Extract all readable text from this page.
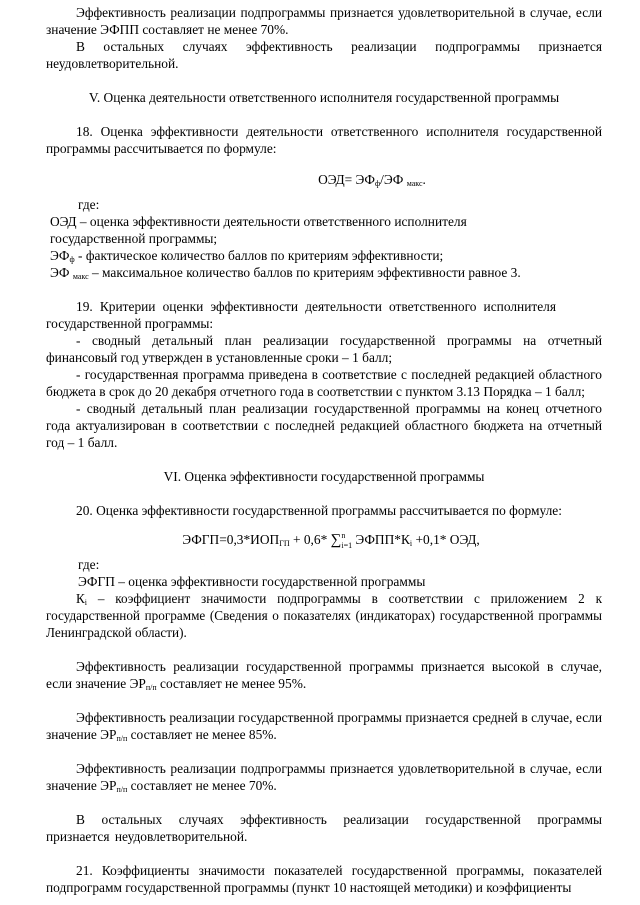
Эффективность реализации подпрограммы признается удовлетворительной в случае, если значение ЭФПП составляет не менее 70%.

В остальных случаях эффективность реализации подпрограммы признается неудовлетворительной.

V. Оценка деятельности ответственного исполнителя государственной программы

18. Оценка эффективности деятельности ответственного исполнителя государственной программы рассчитывается по формуле:

$ОЭД= ЭФ_ф/ЭФ$ $_{макс}$.

где:

ОЭД – оценка эффективности деятельности ответственного исполнителя государственной программы;

$ЭФ_ф$ - фактическое количество баллов по критериям эффективности;

ЭФ $_{макс}$ – максимальное количество баллов по критериям эффективности равное 3.

19. Критерии оценки эффективности деятельности ответственного исполнителя государственной программы:

- сводный детальный план реализации государственной программы на отчетный финансовый год утвержден в установленные сроки – 1 балл;

- государственная программа приведена в соответствие с последней редакцией областного бюджета в срок до 20 декабря отчетного года в соответствии с пунктом 3.13 Порядка – 1 балл;

- сводный детальный план реализации государственной программы на конец отчетного года актуализирован в соответствии с последней редакцией областного бюджета на отчетный год – 1 балл.

VI. Оценка эффективности государственной программы

20. Оценка эффективности государственной программы рассчитывается по формуле:

$ЭФГП=0,3*ИОП_{ГП} + 0,6*$ ∑$^n_{i=1}$ $ЭФПП*К_i +0,1*$ ОЭД,

где:

ЭФГП – оценка эффективности государственной программы

$К_i$ – коэффициент значимости подпрограммы в соответствии с приложением 2 к государственной программе (Сведения о показателях (индикаторах) государственной программы Ленинградской области).

Эффективность реализации государственной программы признается высокой в случае, если значение $ЭР_{п/п}$ составляет не менее 95%.

Эффективность реализации государственной программы признается средней в случае, если значение $ЭР_{п/п}$ составляет не менее 85%.

Эффективность реализации подпрограммы признается удовлетворительной в случае, если значение $ЭР_{п/п}$ составляет не менее 70%.

В остальных случаях эффективность реализации государственной программы признается неудовлетворительной.

21. Коэффициенты значимости показателей государственной программы, показателей подпрограмм государственной программы (пункт 10 настоящей методики) и коэффициенты
